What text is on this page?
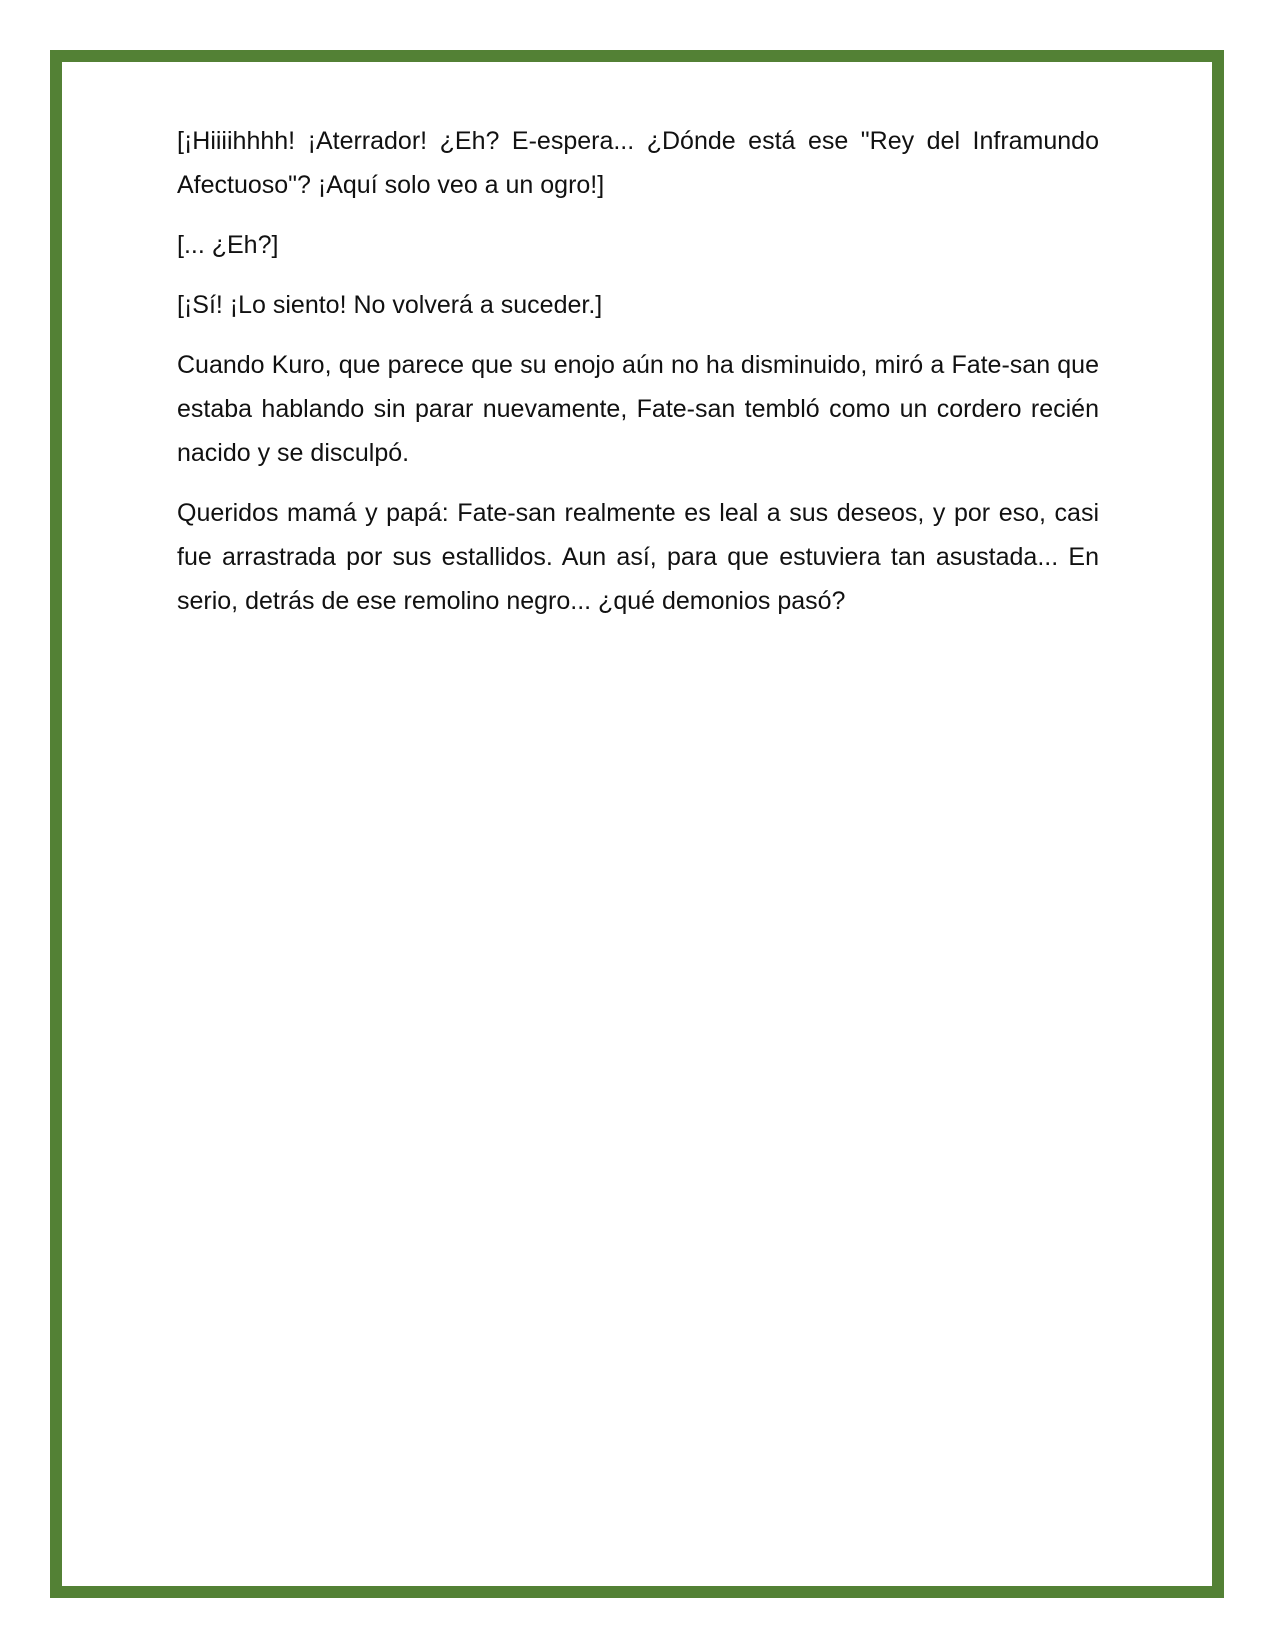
[¡Hiiiihhhh! ¡Aterrador! ¿Eh? E-espera... ¿Dónde está ese "Rey del Inframundo Afectuoso"? ¡Aquí solo veo a un ogro!]

[... ¿Eh?]

[¡Sí! ¡Lo siento! No volverá a suceder.]

Cuando Kuro, que parece que su enojo aún no ha disminuido, miró a Fate-san que estaba hablando sin parar nuevamente, Fate-san tembló como un cordero recién nacido y se disculpó.

Queridos mamá y papá: Fate-san realmente es leal a sus deseos, y por eso, casi fue arrastrada por sus estallidos. Aun así, para que estuviera tan asustada... En serio, detrás de ese remolino negro... ¿qué demonios pasó?
